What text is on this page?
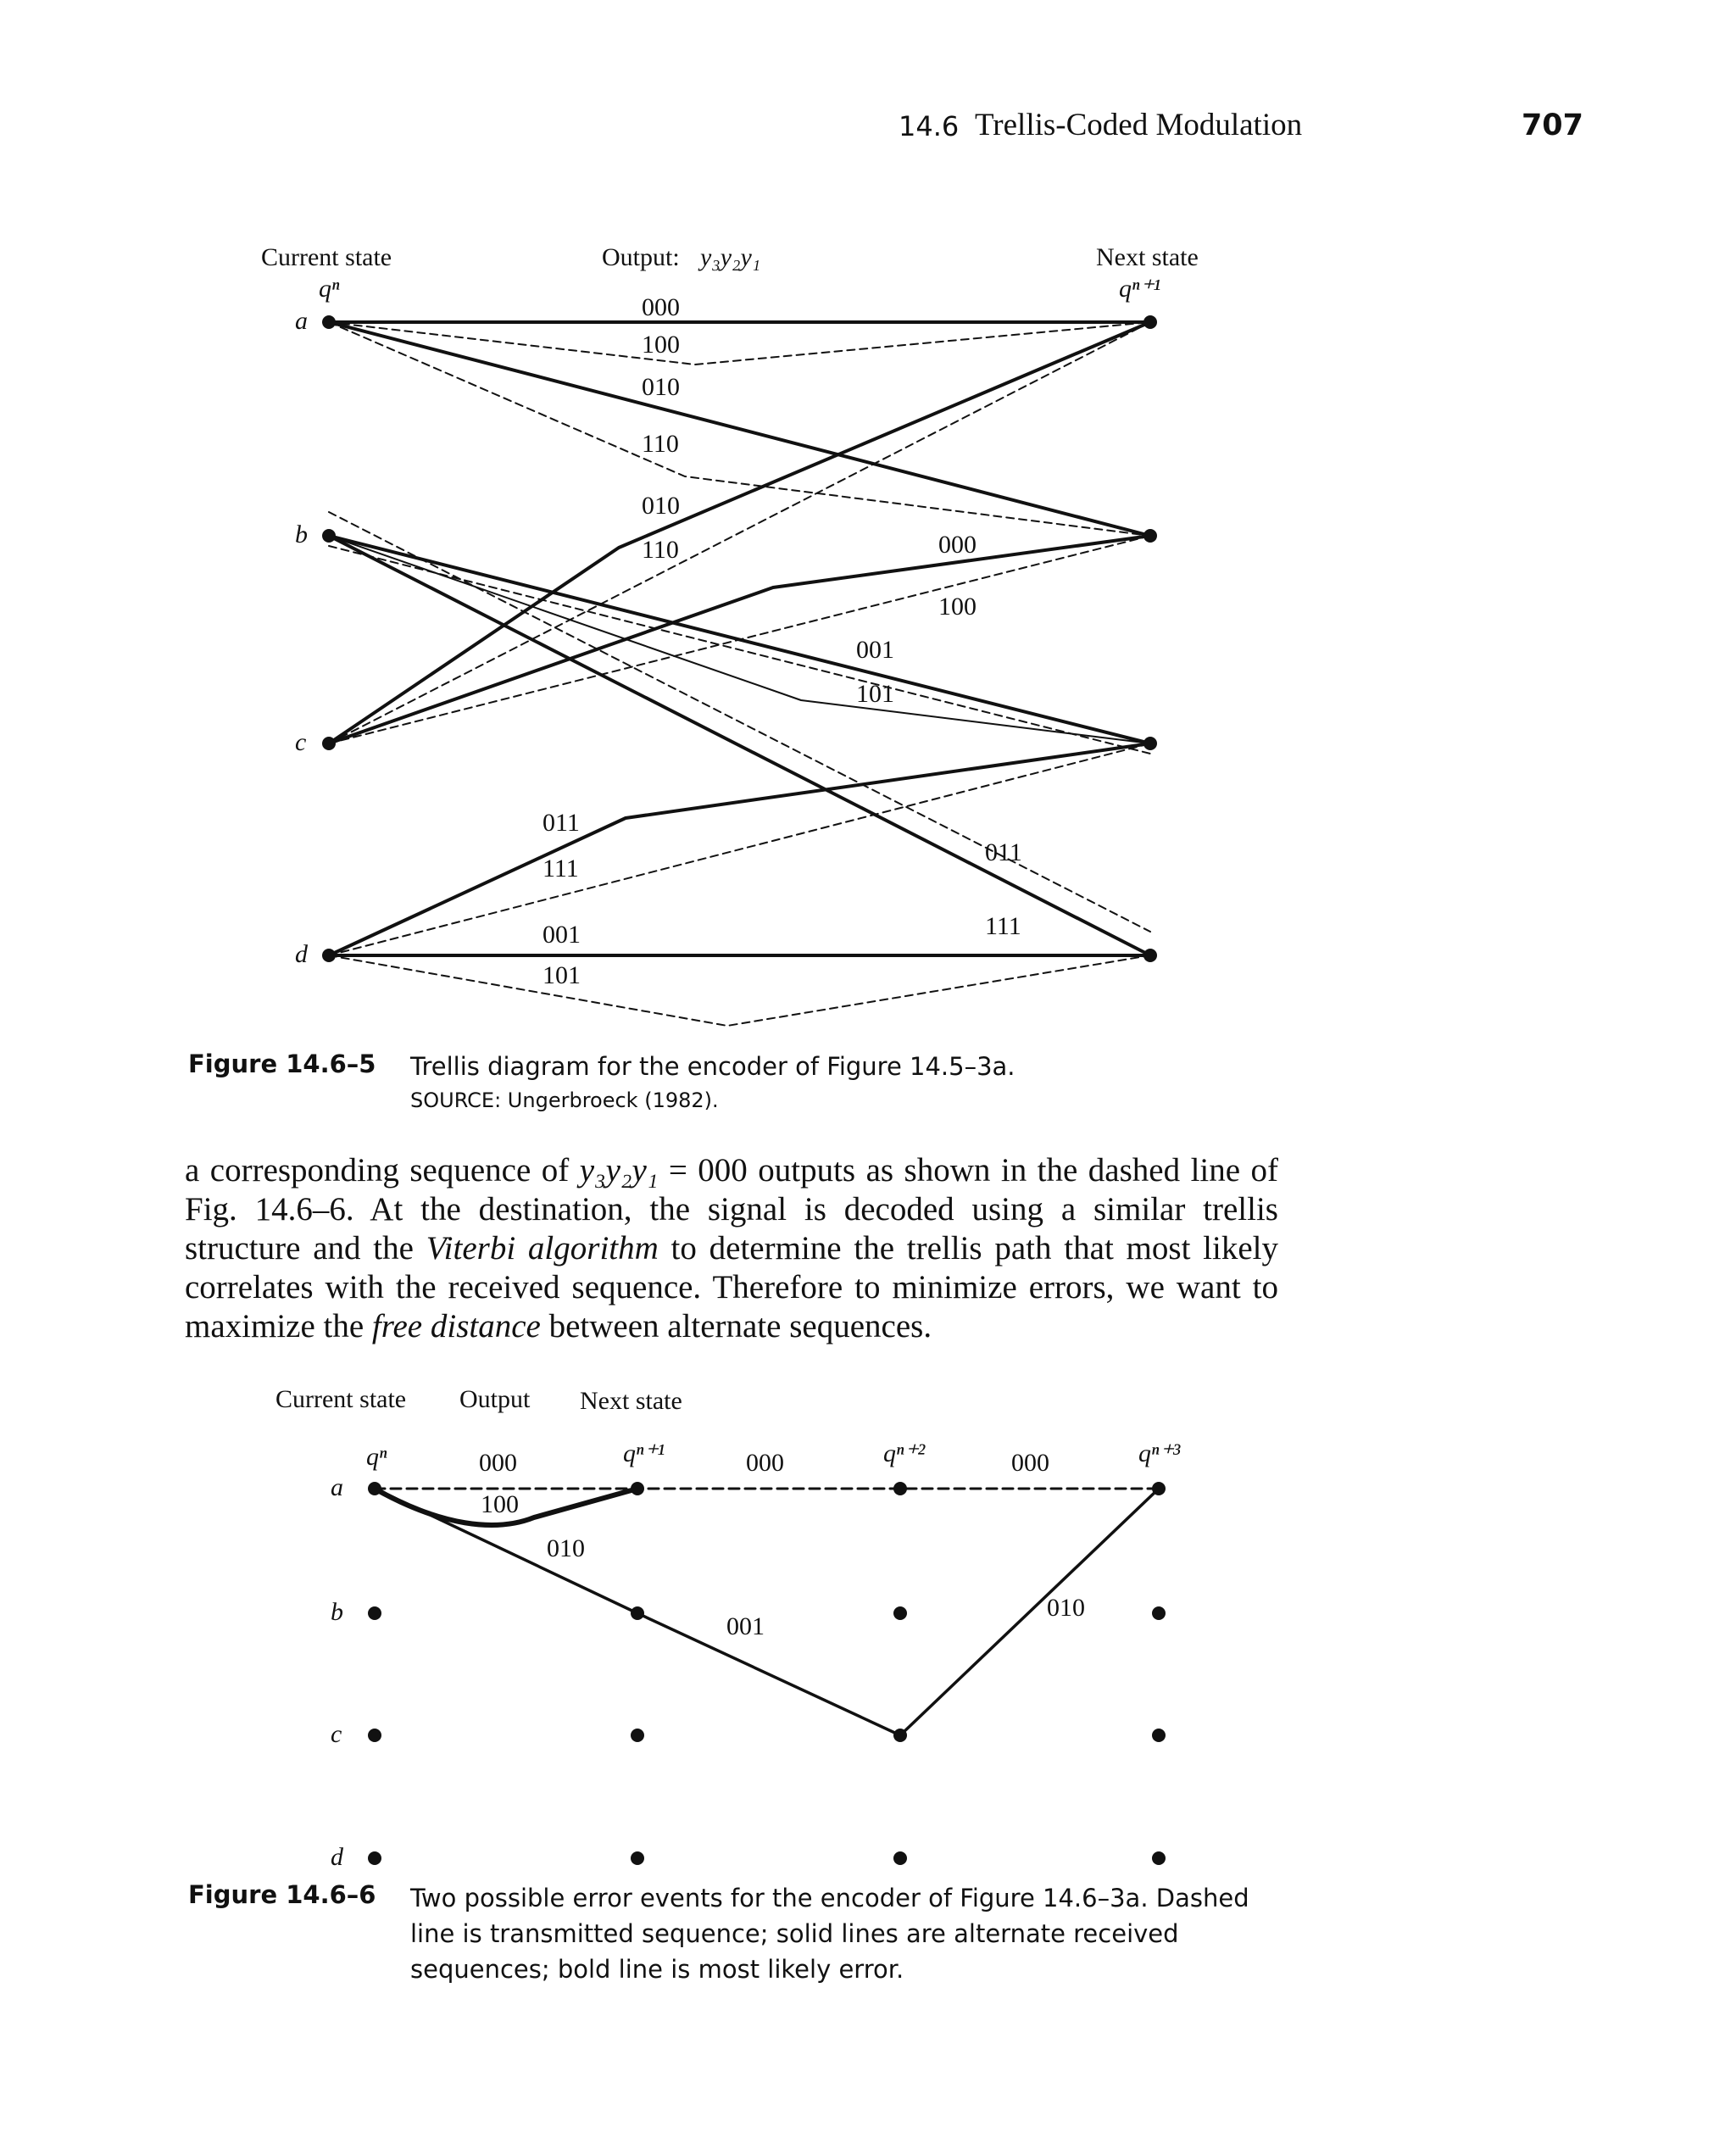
14.6 Trellis-Coded Modulation	707
Current state	Output: y₃y₂y₁	Next state
qⁿ	qⁿ⁺¹
a
b
c
d
000
100
010
110
010
110	000
100
001
101
011
111
011
111
001
101
Figure 14.6–5 Trellis diagram for the encoder of Figure 14.5–3a.
SOURCE: Ungerbroeck (1982).
a corresponding sequence of y₃y₂y₁ = 000 outputs as shown in the dashed line of Fig. 14.6–6. At the destination, the signal is decoded using a similar trellis structure and the Viterbi algorithm to determine the trellis path that most likely correlates with the received sequence. Therefore to minimize errors, we want to maximize the free distance between alternate sequences.
Current state Output Next state
qⁿ	qⁿ⁺¹	qⁿ⁺²	qⁿ⁺³
a
b
c
d
000	000	000
100
010
001
010
Figure 14.6–6 Two possible error events for the encoder of Figure 14.6–3a. Dashed line is transmitted sequence; solid lines are alternate received sequences; bold line is most likely error.
